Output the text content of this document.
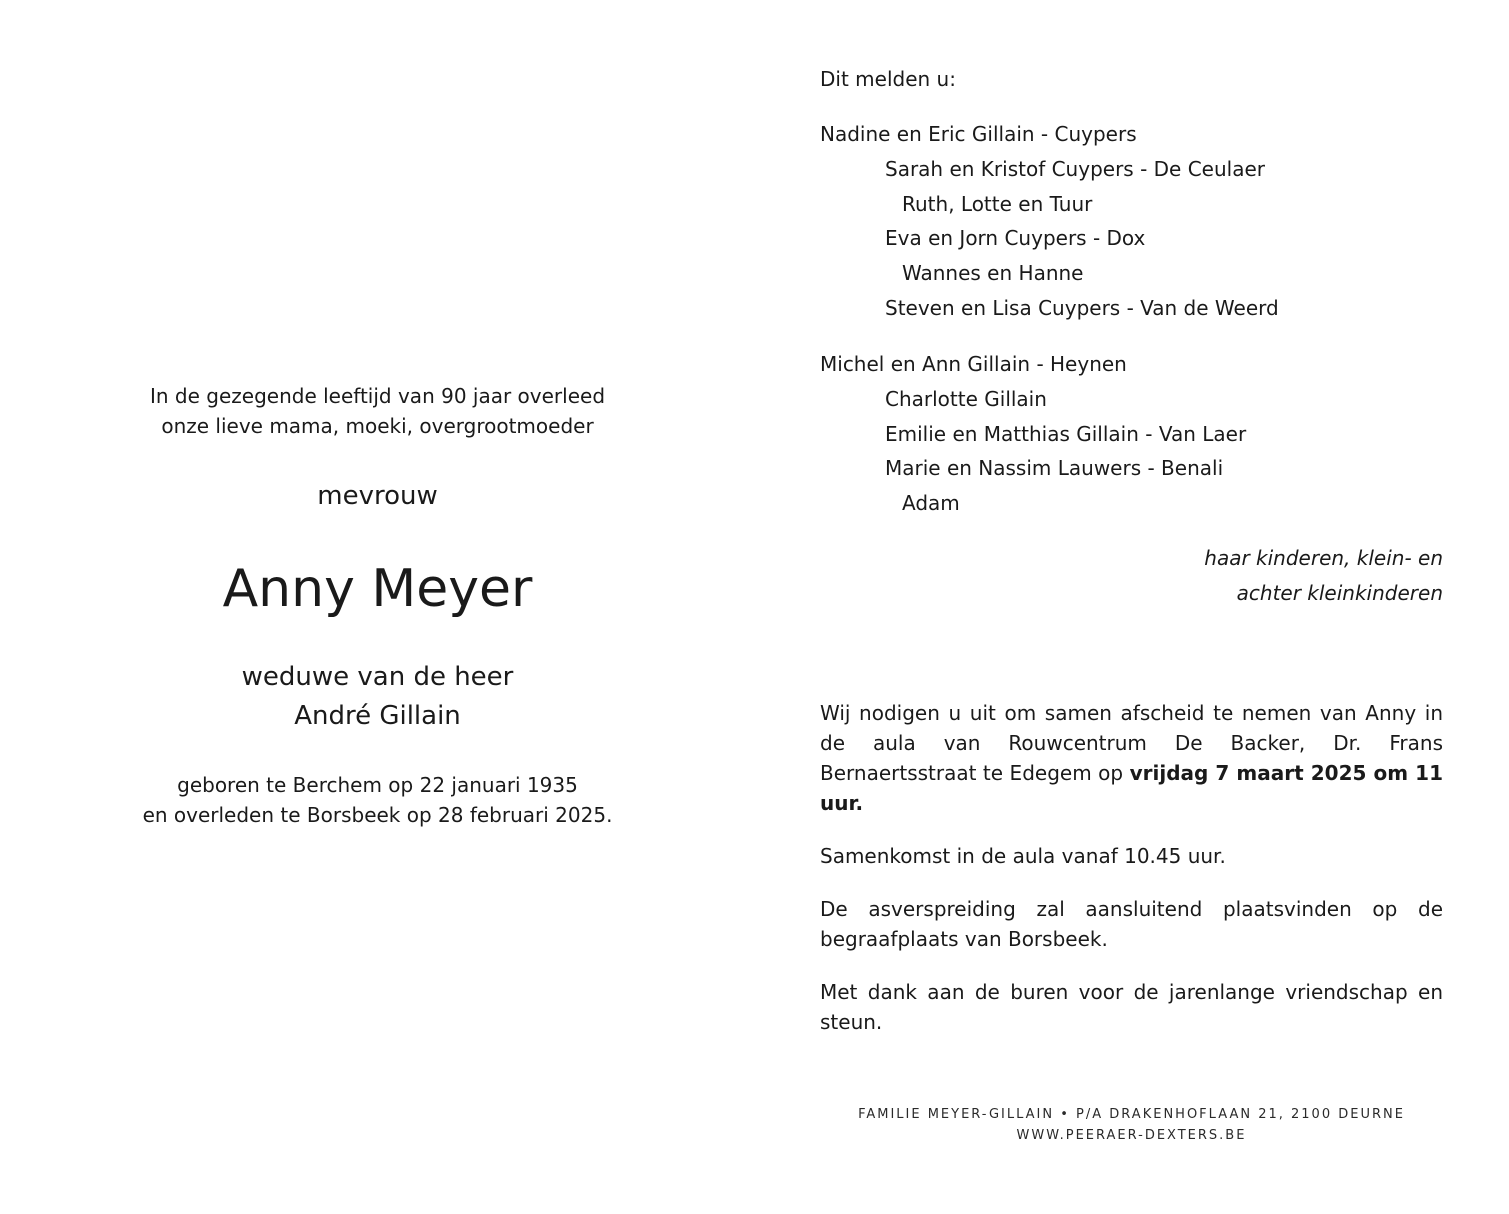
In de gezegende leeftijd van 90 jaar overleed
onze lieve mama, moeki, overgrootmoeder
mevrouw
Anny Meyer
weduwe van de heer
André Gillain
geboren te Berchem op 22 januari 1935
en overleden te Borsbeek op 28 februari 2025.
Dit melden u:
Nadine en Eric Gillain - Cuypers
Sarah en Kristof Cuypers - De Ceulaer
Ruth, Lotte en Tuur
Eva en Jorn Cuypers - Dox
Wannes en Hanne
Steven en Lisa Cuypers - Van de Weerd
Michel en Ann Gillain - Heynen
Charlotte Gillain
Emilie en Matthias Gillain - Van Laer
Marie en Nassim Lauwers - Benali
Adam
haar kinderen, klein- en
achter kleinkinderen

Wij nodigen u uit om samen afscheid te nemen van Anny in de aula van Rouwcentrum De Backer, Dr. Frans Bernaertsstraat te Edegem op vrijdag 7 maart 2025 om 11 uur.

Samenkomst in de aula vanaf 10.45 uur.

De asverspreiding zal aansluitend plaatsvinden op de begraafplaats van Borsbeek.

Met dank aan de buren voor de jarenlange vriendschap en steun.

FAMILIE MEYER-GILLAIN • P/A DRAKENHOFLAAN 21, 2100 DEURNE
WWW.PEERAER-DEXTERS.BE
